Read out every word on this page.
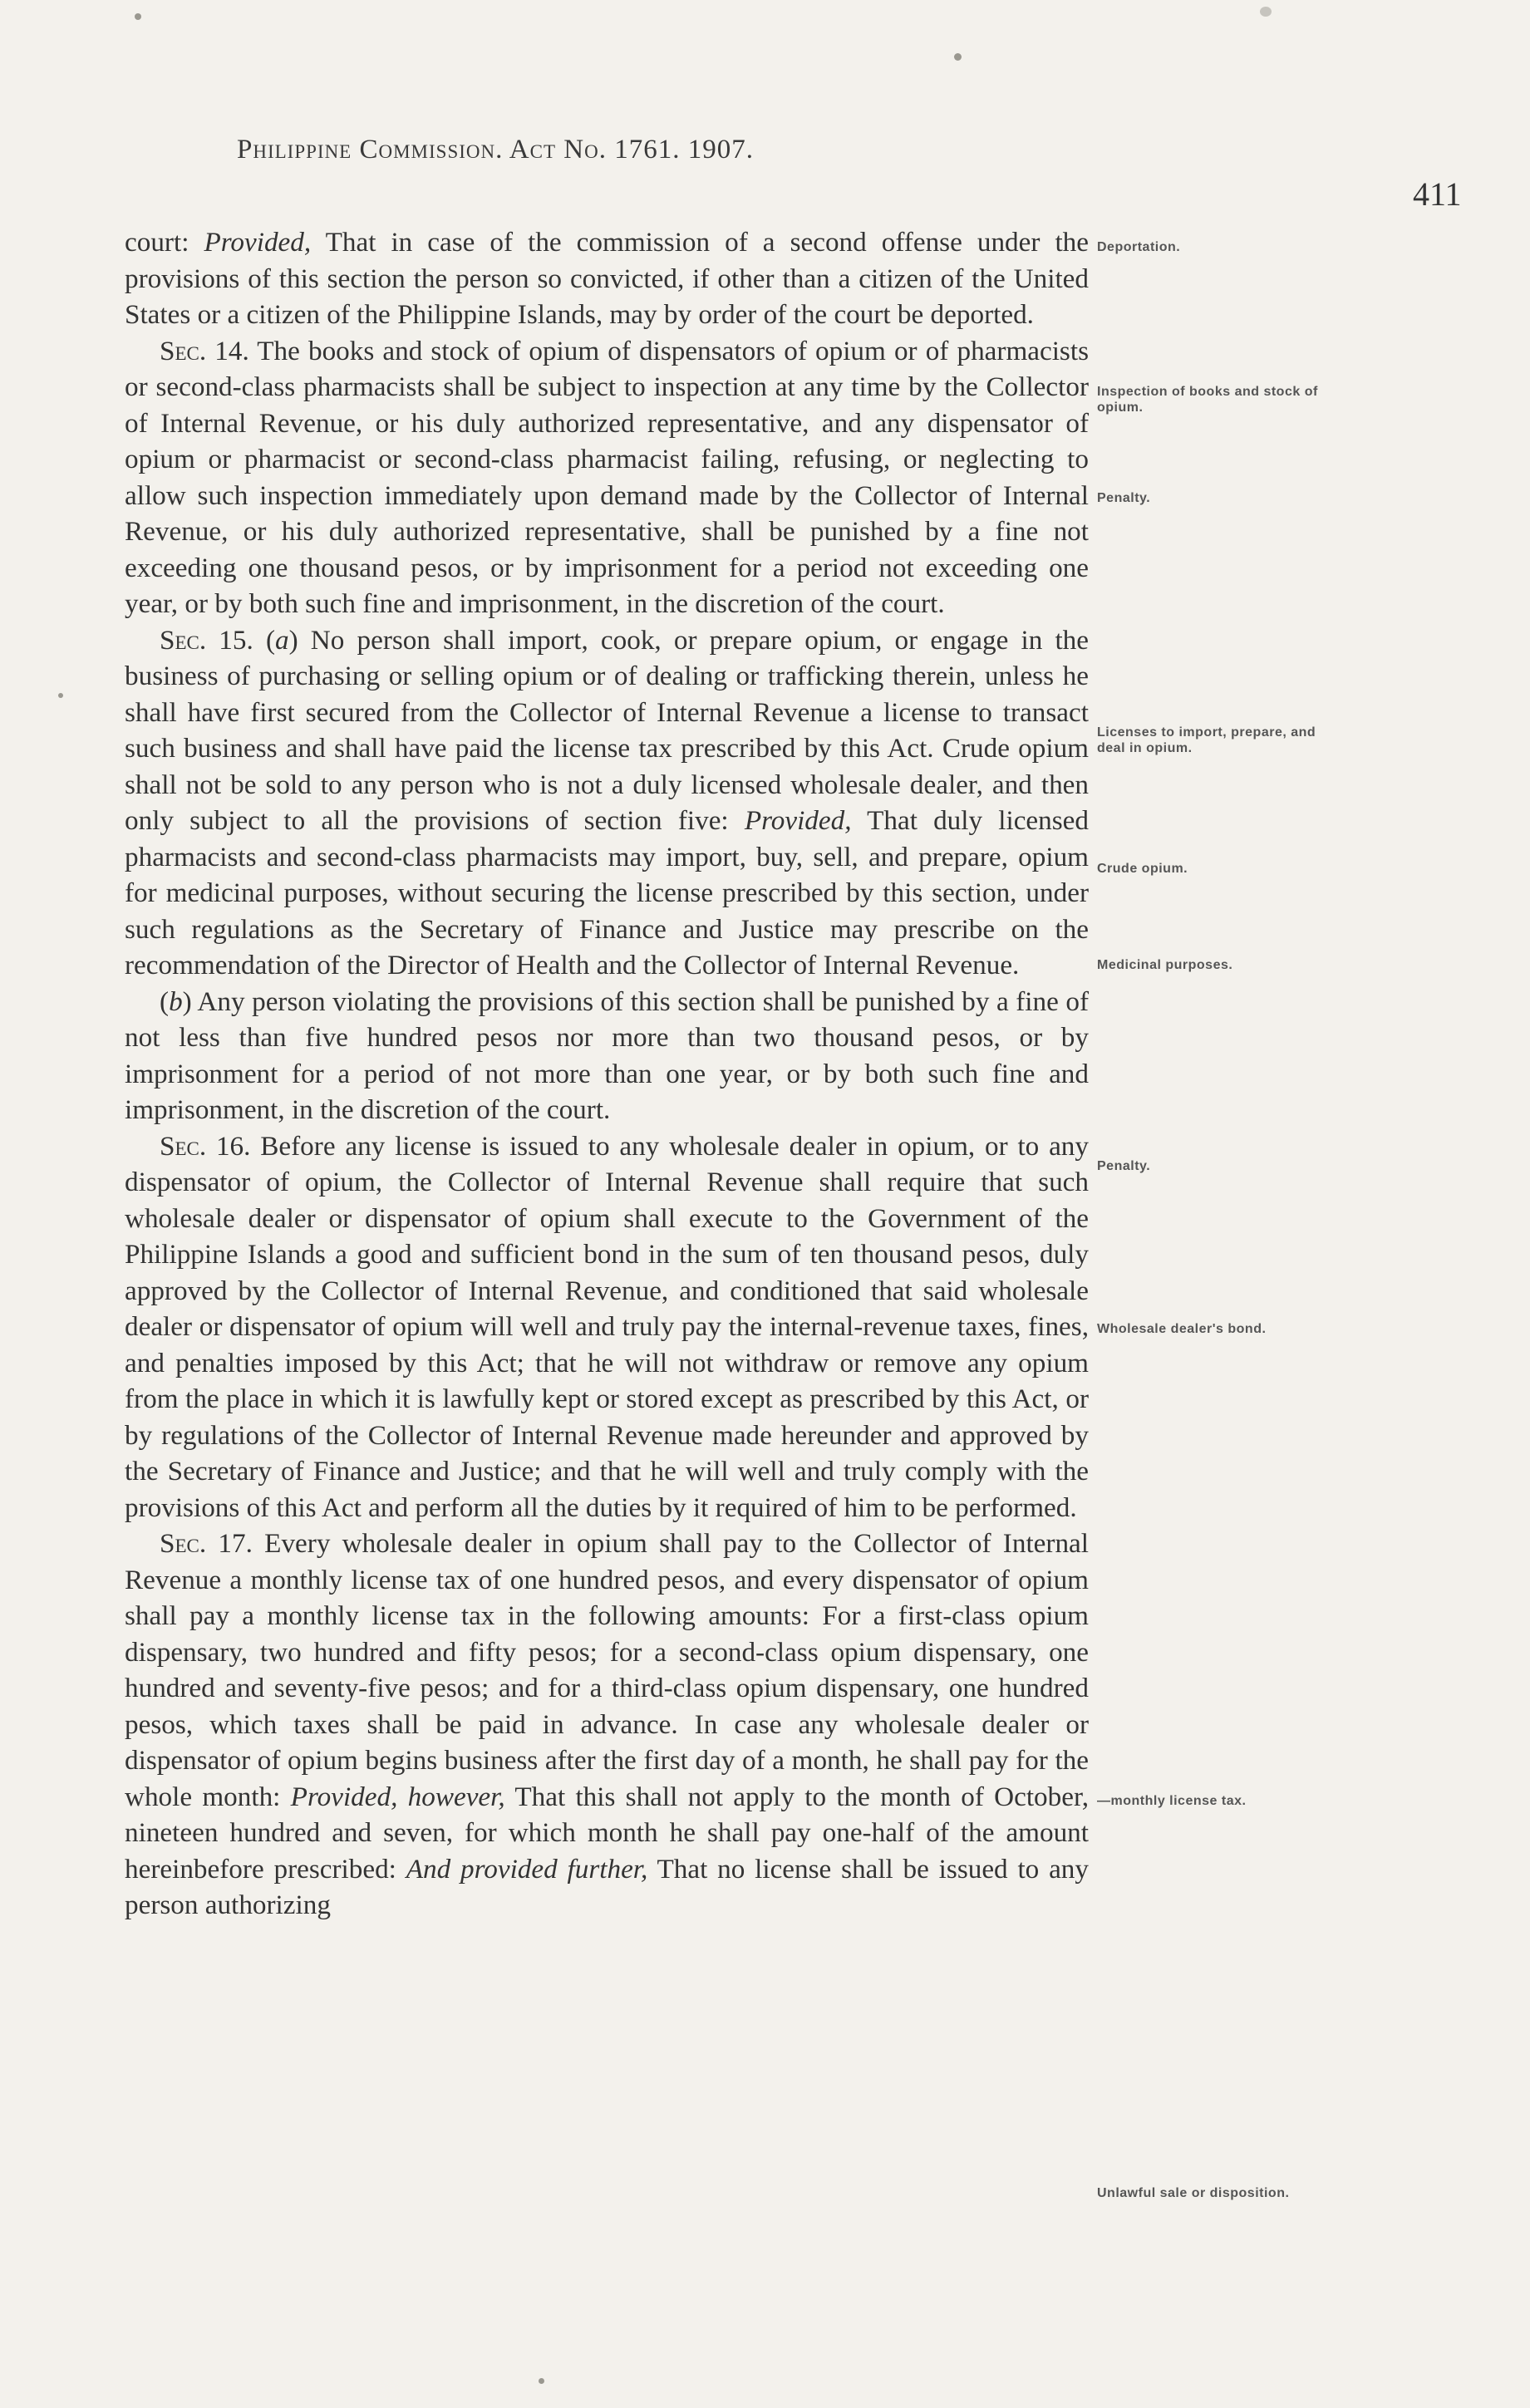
Philippine Commission. Act No. 1761. 1907.
411

court: Provided, That in case of the commission of a second offense under the provisions of this section the person so convicted, if other than a citizen of the United States or a citizen of the Philippine Islands, may by order of the court be deported.

Sec. 14. The books and stock of opium of dispensators of opium or of pharmacists or second-class pharmacists shall be subject to inspection at any time by the Collector of Internal Revenue, or his duly authorized representative, and any dispensator of opium or pharmacist or second-class pharmacist failing, refusing, or neglecting to allow such inspection immediately upon demand made by the Collector of Internal Revenue, or his duly authorized representative, shall be punished by a fine not exceeding one thousand pesos, or by imprisonment for a period not exceeding one year, or by both such fine and imprisonment, in the discretion of the court.

Sec. 15. (a) No person shall import, cook, or prepare opium, or engage in the business of purchasing or selling opium or of dealing or trafficking therein, unless he shall have first secured from the Collector of Internal Revenue a license to transact such business and shall have paid the license tax prescribed by this Act. Crude opium shall not be sold to any person who is not a duly licensed wholesale dealer, and then only subject to all the provisions of section five: Provided, That duly licensed pharmacists and second-class pharmacists may import, buy, sell, and prepare, opium for medicinal purposes, without securing the license prescribed by this section, under such regulations as the Secretary of Finance and Justice may prescribe on the recommendation of the Director of Health and the Collector of Internal Revenue.

(b) Any person violating the provisions of this section shall be punished by a fine of not less than five hundred pesos nor more than two thousand pesos, or by imprisonment for a period of not more than one year, or by both such fine and imprisonment, in the discretion of the court.

Sec. 16. Before any license is issued to any wholesale dealer in opium, or to any dispensator of opium, the Collector of Internal Revenue shall require that such wholesale dealer or dispensator of opium shall execute to the Government of the Philippine Islands a good and sufficient bond in the sum of ten thousand pesos, duly approved by the Collector of Internal Revenue, and conditioned that said wholesale dealer or dispensator of opium will well and truly pay the internal-revenue taxes, fines, and penalties imposed by this Act; that he will not withdraw or remove any opium from the place in which it is lawfully kept or stored except as prescribed by this Act, or by regulations of the Collector of Internal Revenue made hereunder and approved by the Secretary of Finance and Justice; and that he will well and truly comply with the provisions of this Act and perform all the duties by it required of him to be performed.

Sec. 17. Every wholesale dealer in opium shall pay to the Collector of Internal Revenue a monthly license tax of one hundred pesos, and every dispensator of opium shall pay a monthly license tax in the following amounts: For a first-class opium dispensary, two hundred and fifty pesos; for a second-class opium dispensary, one hundred and seventy-five pesos; and for a third-class opium dispensary, one hundred pesos, which taxes shall be paid in advance. In case any wholesale dealer or dispensator of opium begins business after the first day of a month, he shall pay for the whole month: Provided, however, That this shall not apply to the month of October, nineteen hundred and seven, for which month he shall pay one-half of the amount hereinbefore prescribed: And provided further, That no license shall be issued to any person authorizing

Deportation.
Inspection of books and stock of opium.
Penalty.
Licenses to import, prepare, and deal in opium.
Crude opium.
Medicinal purposes.
Penalty.
Wholesale dealer's bond.
—monthly license tax.
Unlawful sale or disposition.
